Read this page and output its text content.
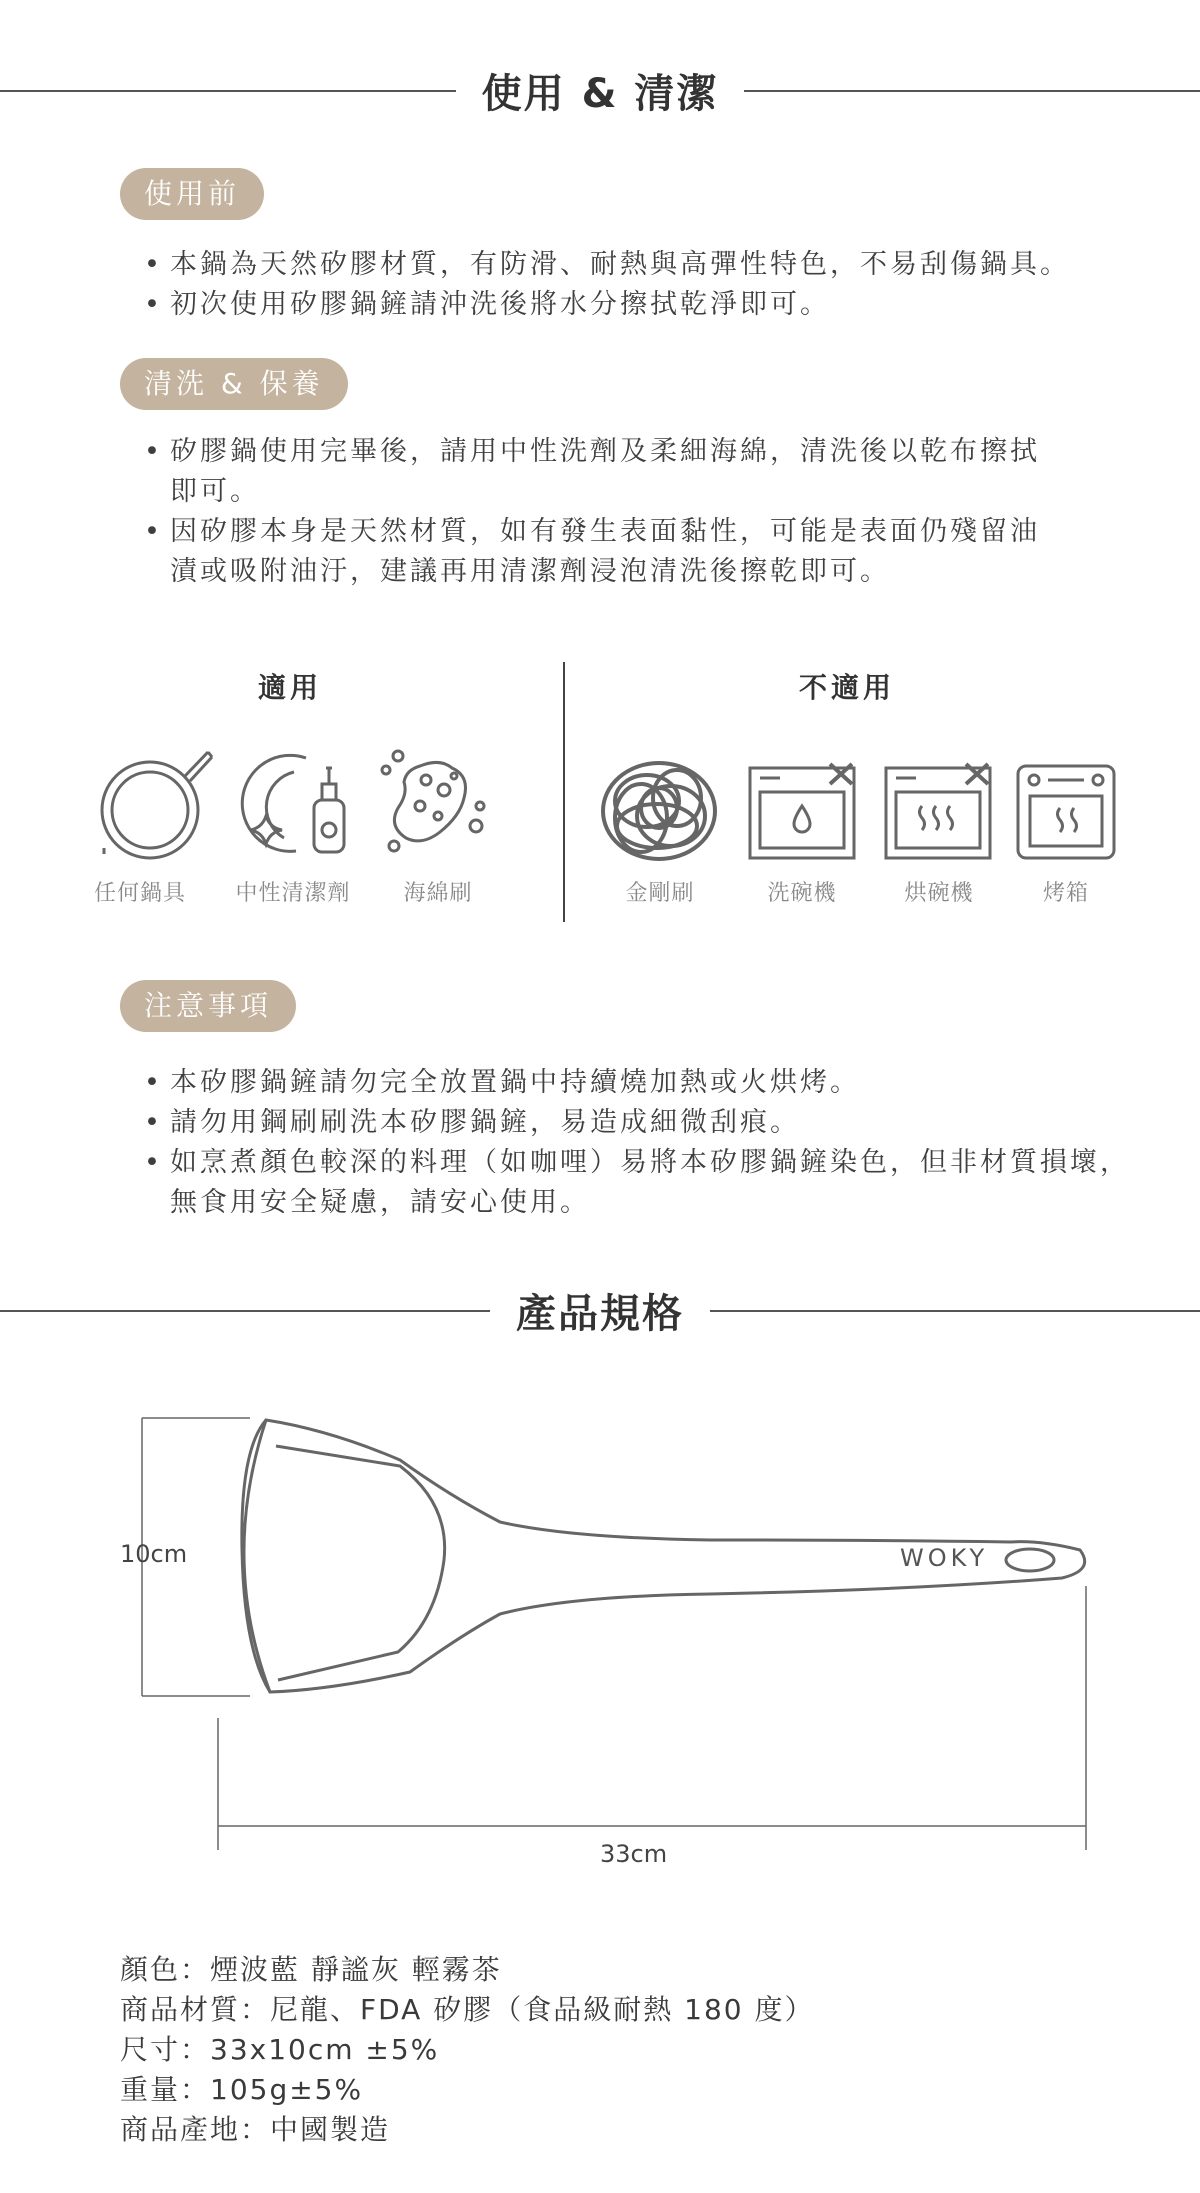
使用 & 清潔
使用前
• 本鍋為天然矽膠材質，有防滑、耐熱與高彈性特色，不易刮傷鍋具。
• 初次使用矽膠鍋鏟請沖洗後將水分擦拭乾淨即可。
清洗 & 保養
• 矽膠鍋使用完畢後，請用中性洗劑及柔細海綿，清洗後以乾布擦拭
即可。
• 因矽膠本身是天然材質，如有發生表面黏性，可能是表面仍殘留油
漬或吸附油汙，建議再用清潔劑浸泡清洗後擦乾即可。
適用	不適用
任何鍋具	中性清潔劑	海綿刷	金剛刷	洗碗機	烘碗機	烤箱
注意事項
• 本矽膠鍋鏟請勿完全放置鍋中持續燒加熱或火烘烤。
• 請勿用鋼刷刷洗本矽膠鍋鏟，易造成細微刮痕。
• 如烹煮顏色較深的料理（如咖哩）易將本矽膠鍋鏟染色，但非材質損壞，
無食用安全疑慮，請安心使用。
產品規格
10cm
33cm
WOKY
顏色：煙波藍 靜謐灰 輕霧茶
商品材質：尼龍、FDA 矽膠（食品級耐熱 180 度）
尺寸：33x10cm ±5%
重量：105g±5%
商品產地：中國製造
